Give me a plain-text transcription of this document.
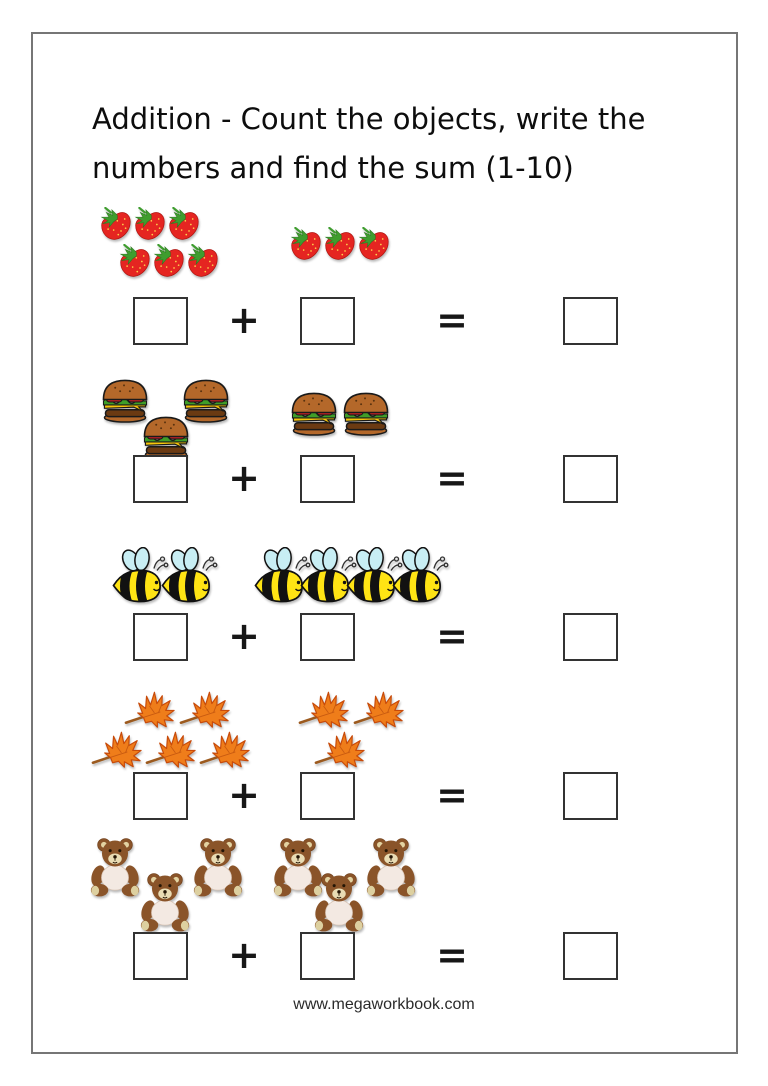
Addition - Count the objects, write the
numbers and find the sum (1-10)
+	=
+	=
+	=
+	=
+	=
www.megaworkbook.com
